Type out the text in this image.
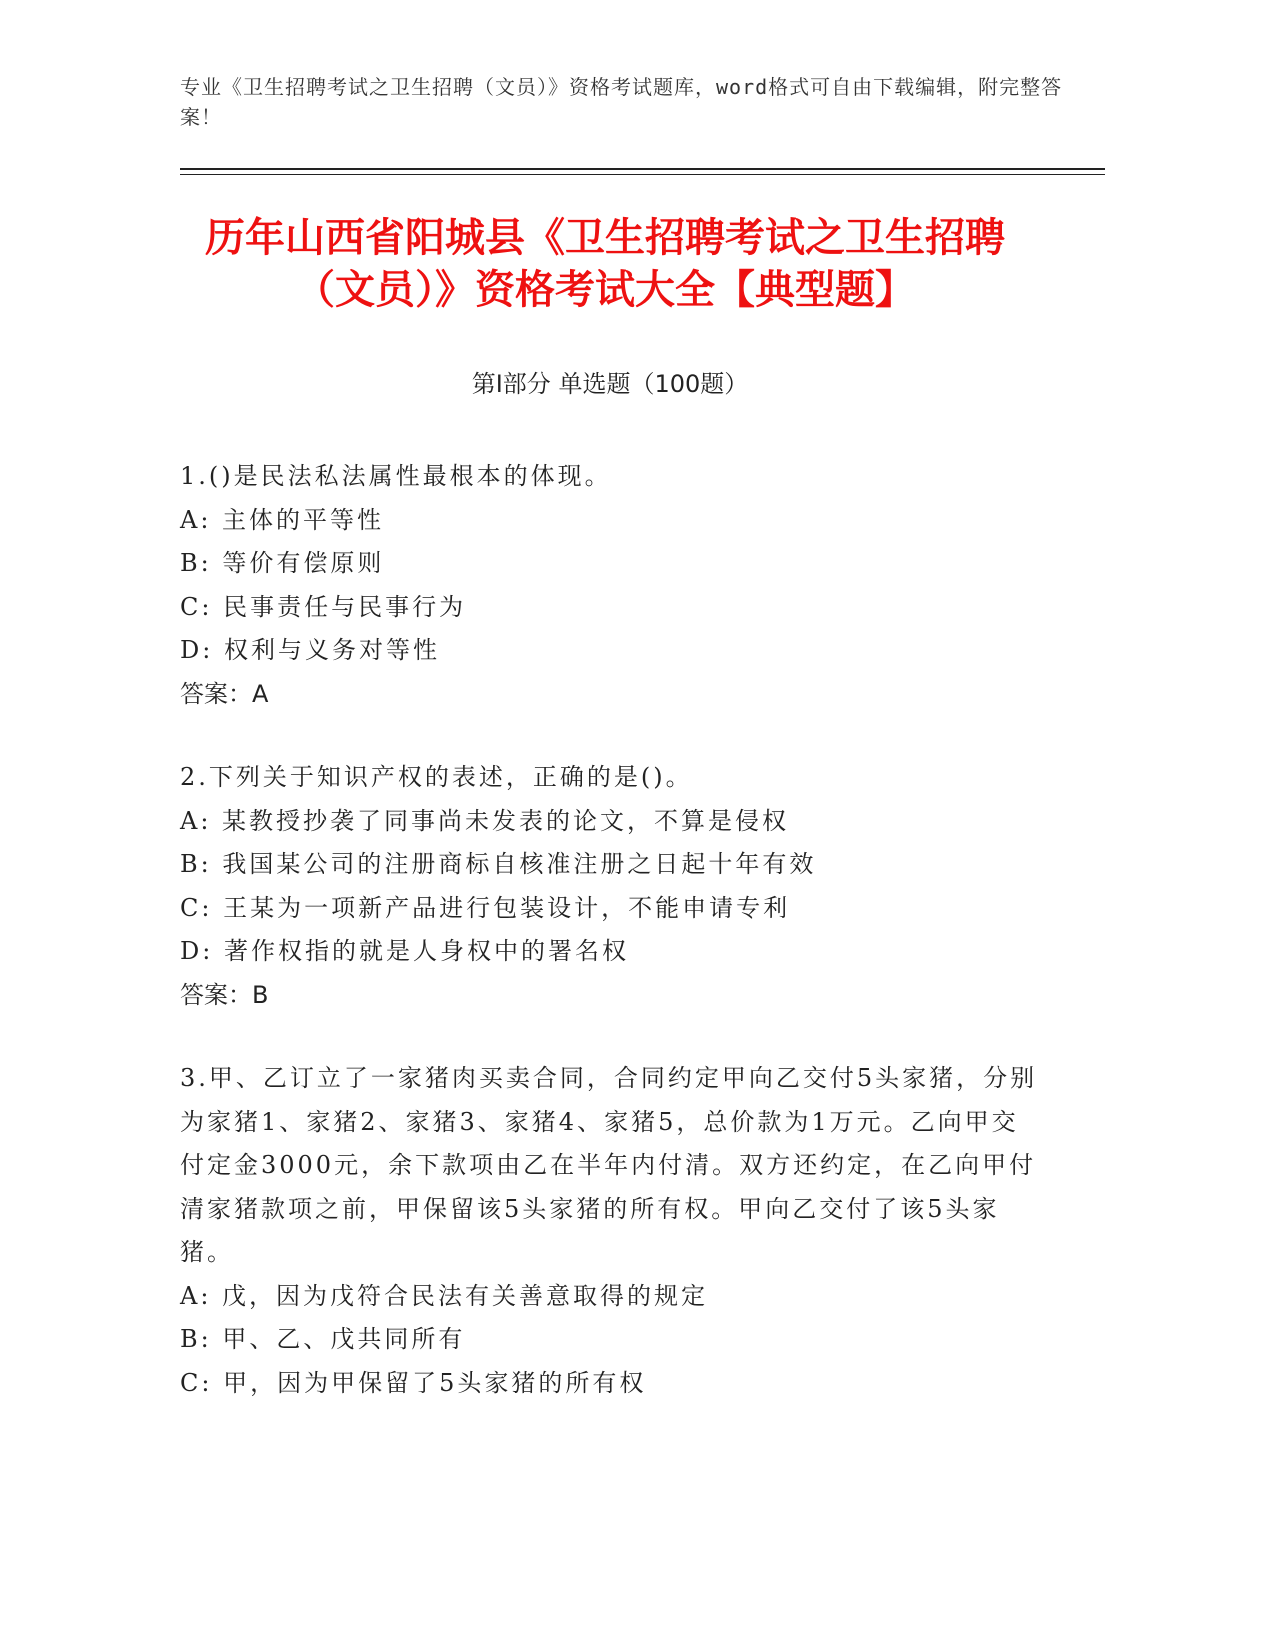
专业《卫生招聘考试之卫生招聘（文员）》资格考试题库，word格式可自由下载编辑，附完整答案！
历年山西省阳城县《卫生招聘考试之卫生招聘（文员）》资格考试大全【典型题】
第I部分 单选题（100题）
1.()是民法私法属性最根本的体现。
A: 主体的平等性
B: 等价有偿原则
C: 民事责任与民事行为
D: 权利与义务对等性
答案：A
2.下列关于知识产权的表述，正确的是()。
A: 某教授抄袭了同事尚未发表的论文，不算是侵权
B: 我国某公司的注册商标自核准注册之日起十年有效
C: 王某为一项新产品进行包装设计，不能申请专利
D: 著作权指的就是人身权中的署名权
答案：B
3.甲、乙订立了一家猪肉买卖合同，合同约定甲向乙交付5头家猪，分别为家猪1、家猪2、家猪3、家猪4、家猪5，总价款为1万元。乙向甲交付定金3000元，余下款项由乙在半年内付清。双方还约定，在乙向甲付清家猪款项之前，甲保留该5头家猪的所有权。甲向乙交付了该5头家猪。
A: 戊，因为戊符合民法有关善意取得的规定
B: 甲、乙、戊共同所有
C: 甲，因为甲保留了5头家猪的所有权
